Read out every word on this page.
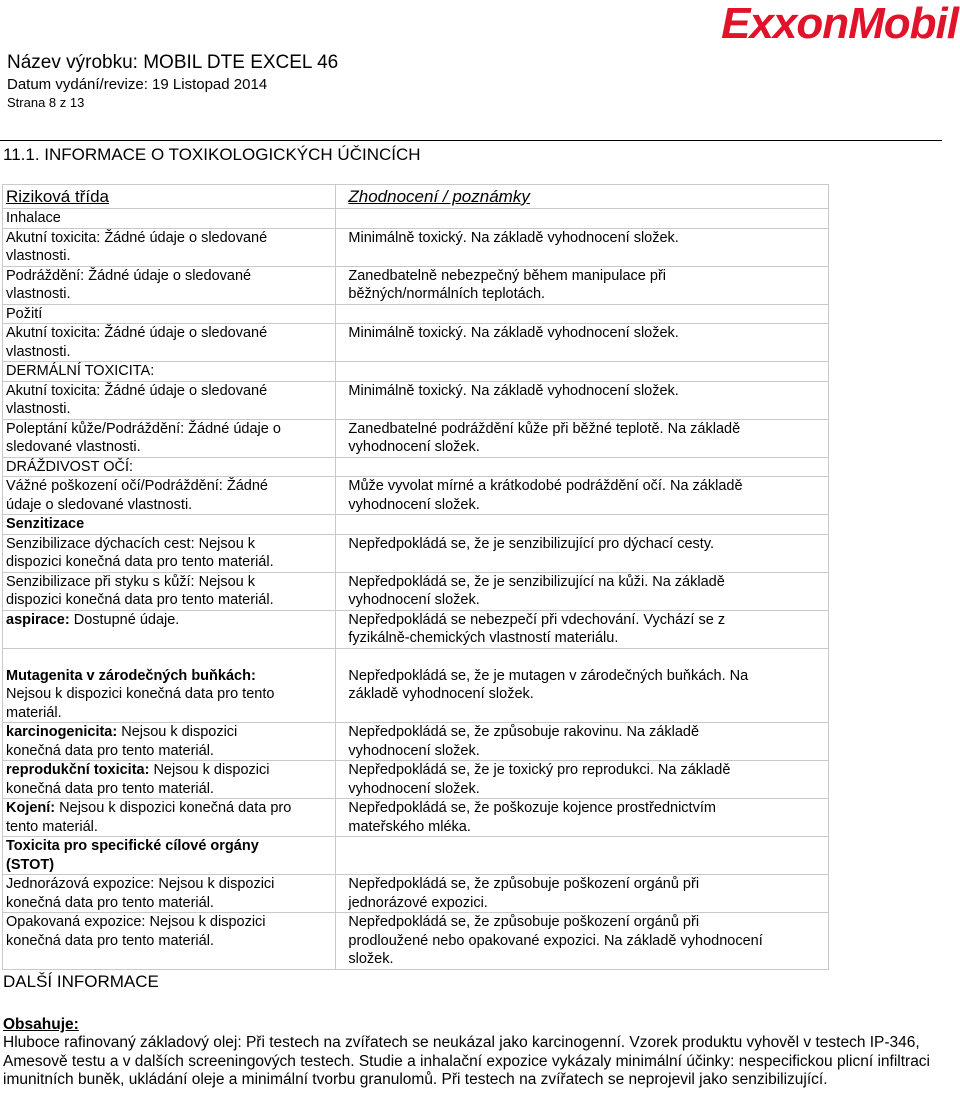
Název výrobku: MOBIL DTE EXCEL 46
Datum vydání/revize: 19 Listopad 2014
Strana 8 z 13
ExxonMobil
11.1. INFORMACE O TOXIKOLOGICKÝCH ÚČINCÍCH
Riziková třída	Zhodnocení / poznámky

Inhalace	

Akutní toxicita: Žádné údaje o sledované
vlastnosti.	Minimálně toxický. Na základě vyhodnocení složek.

Podráždění: Žádné údaje o sledované
vlastnosti.	Zanedbatelně nebezpečný během manipulace při
běžných/normálních teplotách.

Požití	

Akutní toxicita: Žádné údaje o sledované
vlastnosti.	Minimálně toxický. Na základě vyhodnocení složek.

DERMÁLNÍ TOXICITA:	

Akutní toxicita: Žádné údaje o sledované
vlastnosti.	Minimálně toxický. Na základě vyhodnocení složek.

Poleptání kůže/Podráždění: Žádné údaje o
sledované vlastnosti.	Zanedbatelné podráždění kůže při běžné teplotě. Na základě
vyhodnocení složek.

DRÁŽDIVOST OČÍ:	

Vážné poškození očí/Podráždění: Žádné
údaje o sledované vlastnosti.	Může vyvolat mírné a krátkodobé podráždění očí. Na základě
vyhodnocení složek.

Senzitizace	

Senzibilizace dýchacích cest: Nejsou k
dispozici konečná data pro tento materiál.	Nepředpokládá se, že je senzibilizující pro dýchací cesty.

Senzibilizace při styku s kůží: Nejsou k
dispozici konečná data pro tento materiál.	Nepředpokládá se, že je senzibilizující na kůži. Na základě
vyhodnocení složek.

aspirace: Dostupné údaje.	Nepředpokládá se nebezpečí při vdechování. Vychází se z
fyzikálně-chemických vlastností materiálu.

Mutagenita v zárodečných buňkách:
Nejsou k dispozici konečná data pro tento
materiál.	Nepředpokládá se, že je mutagen v zárodečných buňkách. Na
základě vyhodnocení složek.

karcinogenicita: Nejsou k dispozici
konečná data pro tento materiál.	Nepředpokládá se, že způsobuje rakovinu. Na základě
vyhodnocení složek.

reprodukční toxicita: Nejsou k dispozici
konečná data pro tento materiál.	Nepředpokládá se, že je toxický pro reprodukci. Na základě
vyhodnocení složek.

Kojení: Nejsou k dispozici konečná data pro
tento materiál.	Nepředpokládá se, že poškozuje kojence prostřednictvím
mateřského mléka.

Toxicita pro specifické cílové orgány
(STOT)	

Jednorázová expozice: Nejsou k dispozici
konečná data pro tento materiál.	Nepředpokládá se, že způsobuje poškození orgánů při
jednorázové expozici.

Opakovaná expozice: Nejsou k dispozici
konečná data pro tento materiál.	Nepředpokládá se, že způsobuje poškození orgánů při
prodloužené nebo opakované expozici. Na základě vyhodnocení
složek.
DALŠÍ INFORMACE
Obsahuje:
Hluboce rafinovaný základový olej: Při testech na zvířatech se neukázal jako karcinogenní. Vzorek produktu vyhověl v testech IP-346, Amesově testu a v dalších screeningových testech. Studie a inhalační expozice vykázaly minimální účinky: nespecifickou plicní infiltraci imunitních buněk, ukládání oleje a minimální tvorbu granulomů. Při testech na zvířatech se neprojevil jako senzibilizující.
